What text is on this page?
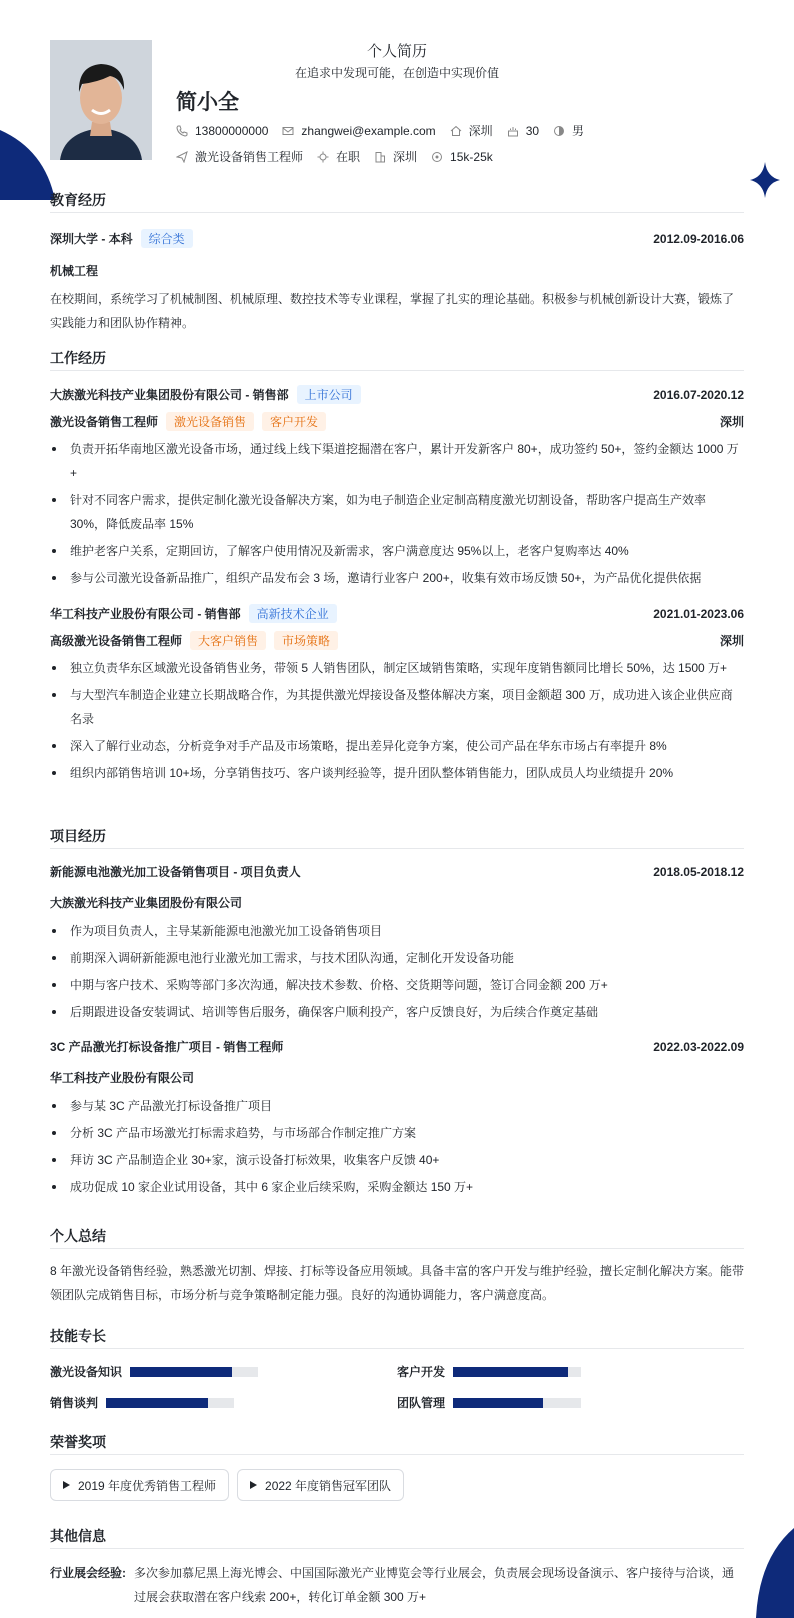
个人简历
在追求中发现可能，在创造中实现价值
简小全
13800000000	zhangwei@example.com	深圳	30	男
激光设备销售工程师	在职	深圳	15k-25k
教育经历
深圳大学 - 本科 综合类	2012.09-2016.06
机械工程
在校期间，系统学习了机械制图、机械原理、数控技术等专业课程，掌握了扎实的理论基础。积极参与机械创新设计大赛，锻炼了实践能力和团队协作精神。
工作经历
大族激光科技产业集团股份有限公司 - 销售部 上市公司	2016.07-2020.12
激光设备销售工程师 激光设备销售 客户开发	深圳
负责开拓华南地区激光设备市场，通过线上线下渠道挖掘潜在客户，累计开发新客户 80+，成功签约 50+，签约金额达 1000 万+
针对不同客户需求，提供定制化激光设备解决方案，如为电子制造企业定制高精度激光切割设备，帮助客户提高生产效率 30%，降低废品率 15%
维护老客户关系，定期回访，了解客户使用情况及新需求，客户满意度达 95%以上，老客户复购率达 40%
参与公司激光设备新品推广，组织产品发布会 3 场，邀请行业客户 200+，收集有效市场反馈 50+，为产品优化提供依据
华工科技产业股份有限公司 - 销售部 高新技术企业	2021.01-2023.06
高级激光设备销售工程师 大客户销售 市场策略	深圳
独立负责华东区域激光设备销售业务，带领 5 人销售团队，制定区域销售策略，实现年度销售额同比增长 50%，达 1500 万+
与大型汽车制造企业建立长期战略合作，为其提供激光焊接设备及整体解决方案，项目金额超 300 万，成功进入该企业供应商名录
深入了解行业动态，分析竞争对手产品及市场策略，提出差异化竞争方案，使公司产品在华东市场占有率提升 8%
组织内部销售培训 10+场，分享销售技巧、客户谈判经验等，提升团队整体销售能力，团队成员人均业绩提升 20%
项目经历
新能源电池激光加工设备销售项目 - 项目负责人	2018.05-2018.12
大族激光科技产业集团股份有限公司
作为项目负责人，主导某新能源电池激光加工设备销售项目
前期深入调研新能源电池行业激光加工需求，与技术团队沟通，定制化开发设备功能
中期与客户技术、采购等部门多次沟通，解决技术参数、价格、交货期等问题，签订合同金额 200 万+
后期跟进设备安装调试、培训等售后服务，确保客户顺利投产，客户反馈良好，为后续合作奠定基础
3C 产品激光打标设备推广项目 - 销售工程师	2022.03-2022.09
华工科技产业股份有限公司
参与某 3C 产品激光打标设备推广项目
分析 3C 产品市场激光打标需求趋势，与市场部合作制定推广方案
拜访 3C 产品制造企业 30+家，演示设备打标效果，收集客户反馈 40+
成功促成 10 家企业试用设备，其中 6 家企业后续采购，采购金额达 150 万+
个人总结
8 年激光设备销售经验，熟悉激光切割、焊接、打标等设备应用领域。具备丰富的客户开发与维护经验，擅长定制化解决方案。能带领团队完成销售目标，市场分析与竞争策略制定能力强。良好的沟通协调能力，客户满意度高。
技能专长
激光设备知识	客户开发
销售谈判	团队管理
荣誉奖项
2019 年度优秀销售工程师	2022 年度销售冠军团队
其他信息
行业展会经验: 多次参加慕尼黑上海光博会、中国国际激光产业博览会等行业展会，负责展会现场设备演示、客户接待与洽谈，通过展会获取潜在客户线索 200+，转化订单金额 300 万+
